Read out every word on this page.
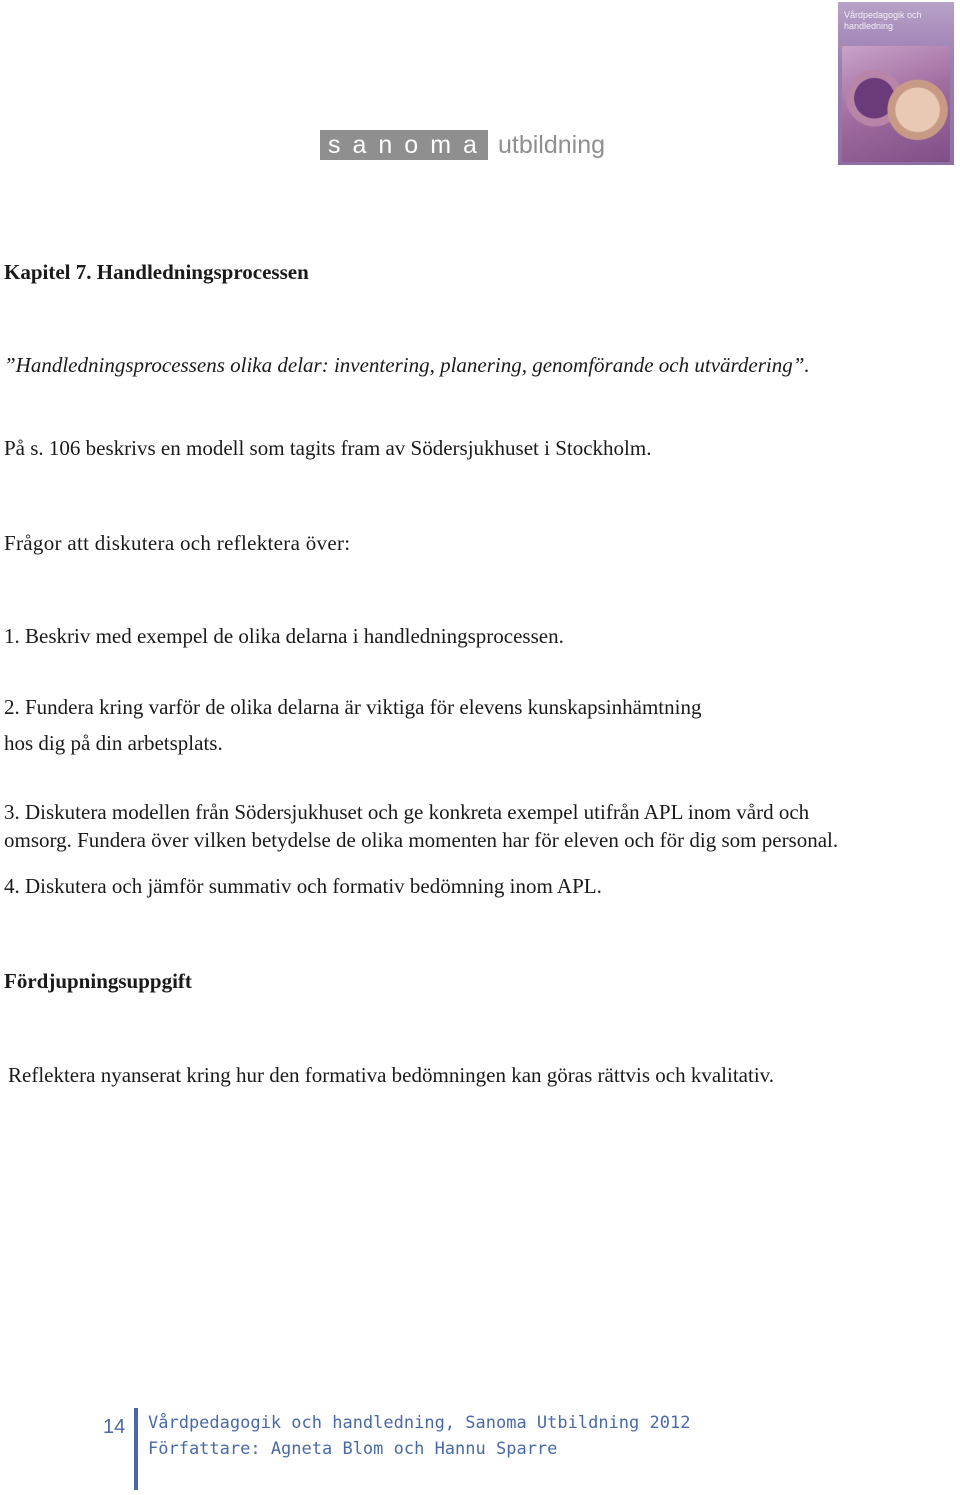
sanoma utbildning
Vårdpedagogik och handledning
Kapitel 7. Handledningsprocessen
”Handledningsprocessens olika delar: inventering, planering, genomförande och utvärdering”.
På s. 106 beskrivs en modell som tagits fram av Södersjukhuset i Stockholm.
Frågor att diskutera och reflektera över:
1. Beskriv med exempel de olika delarna i handledningsprocessen.
2. Fundera kring varför de olika delarna är viktiga för elevens kunskapsinhämtning
hos dig på din arbetsplats.
3. Diskutera modellen från Södersjukhuset och ge konkreta exempel utifrån APL inom vård och
omsorg. Fundera över vilken betydelse de olika momenten har för eleven och för dig som personal.
4. Diskutera och jämför summativ och formativ bedömning inom APL.
Fördjupningsuppgift
Reflektera nyanserat kring hur den formativa bedömningen kan göras rättvis och kvalitativ.
14 Vårdpedagogik och handledning, Sanoma Utbildning 2012
Författare: Agneta Blom och Hannu Sparre
